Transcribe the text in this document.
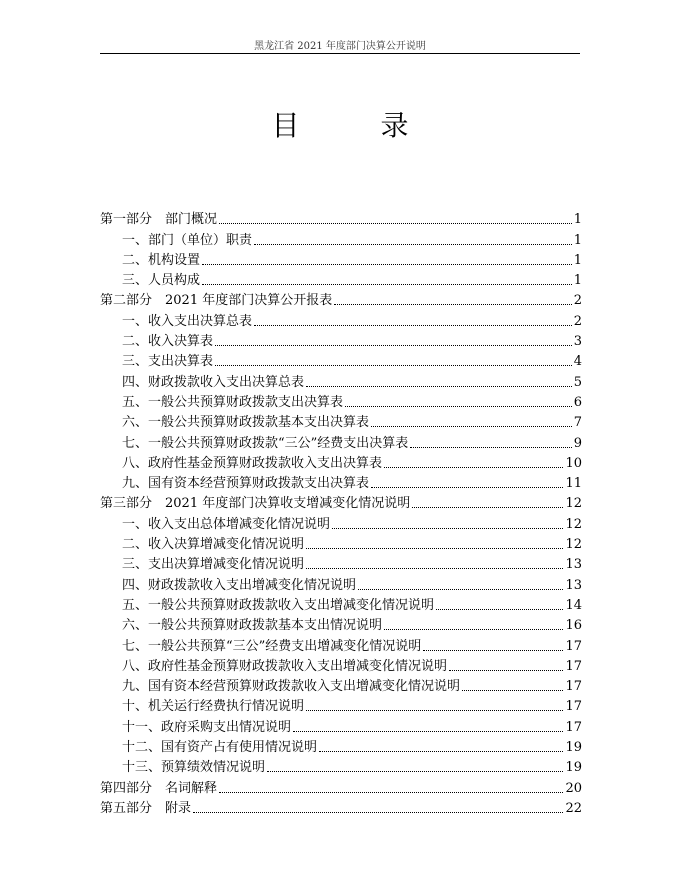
黑龙江省 2021 年度部门决算公开说明
目 录
第一部分　部门概况	1
一、部门（单位）职责	1
二、机构设置	1
三、人员构成	1
第二部分　2021 年度部门决算公开报表	2
一、收入支出决算总表	2
二、收入决算表	3
三、支出决算表	4
四、财政拨款收入支出决算总表	5
五、一般公共预算财政拨款支出决算表	6
六、一般公共预算财政拨款基本支出决算表	7
七、一般公共预算财政拨款“三公”经费支出决算表	9
八、政府性基金预算财政拨款收入支出决算表	10
九、国有资本经营预算财政拨款支出决算表	11
第三部分　2021 年度部门决算收支增减变化情况说明	12
一、收入支出总体增减变化情况说明	12
二、收入决算增减变化情况说明	12
三、支出决算增减变化情况说明	13
四、财政拨款收入支出增减变化情况说明	13
五、一般公共预算财政拨款收入支出增减变化情况说明	14
六、一般公共预算财政拨款基本支出情况说明	16
七、一般公共预算“三公”经费支出增减变化情况说明	17
八、政府性基金预算财政拨款收入支出增减变化情况说明	17
九、国有资本经营预算财政拨款收入支出增减变化情况说明	17
十、机关运行经费执行情况说明	17
十一、政府采购支出情况说明	17
十二、国有资产占有使用情况说明	19
十三、预算绩效情况说明	19
第四部分　名词解释	20
第五部分　附录	22
